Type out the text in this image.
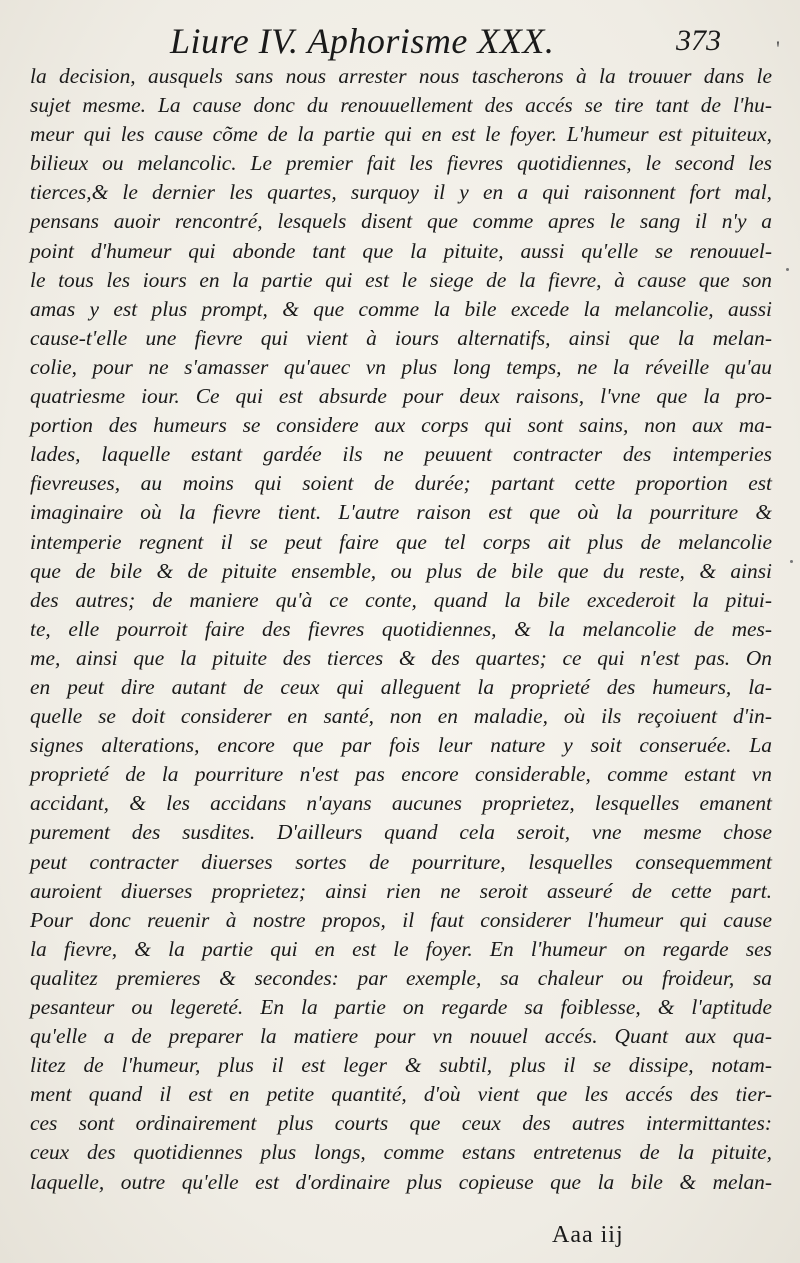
Liure IV. Aphorisme XXX.	373	'
la decision, ausquels sans nous arrester nous tascherons à la trouuer dans le
sujet mesme. La cause donc du renouuellement des accés se tire tant de l'hu-
meur qui les cause cõme de la partie qui en est le foyer. L'humeur est pituiteux,
bilieux ou melancolic. Le premier fait les fievres quotidiennes, le second les
tierces,& le dernier les quartes, surquoy il y en a qui raisonnent fort mal,
pensans auoir rencontré, lesquels disent que comme apres le sang il n'y a
point d'humeur qui abonde tant que la pituite, aussi qu'elle se renouuel-
le tous les iours en la partie qui est le siege de la fievre, à cause que son
amas y est plus prompt, & que comme la bile excede la melancolie, aussi
cause-t'elle une fievre qui vient à iours alternatifs, ainsi que la melan-
colie, pour ne s'amasser qu'auec vn plus long temps, ne la réveille qu'au
quatriesme iour. Ce qui est absurde pour deux raisons, l'vne que la pro-
portion des humeurs se considere aux corps qui sont sains, non aux ma-
lades, laquelle estant gardée ils ne peuuent contracter des intemperies
fievreuses, au moins qui soient de durée; partant cette proportion est
imaginaire où la fievre tient. L'autre raison est que où la pourriture &
intemperie regnent il se peut faire que tel corps ait plus de melancolie
que de bile & de pituite ensemble, ou plus de bile que du reste, & ainsi
des autres; de maniere qu'à ce conte, quand la bile excederoit la pitui-
te, elle pourroit faire des fievres quotidiennes, & la melancolie de mes-
me, ainsi que la pituite des tierces & des quartes; ce qui n'est pas. On
en peut dire autant de ceux qui alleguent la proprieté des humeurs, la-
quelle se doit considerer en santé, non en maladie, où ils reçoiuent d'in-
signes alterations, encore que par fois leur nature y soit conseruée. La
proprieté de la pourriture n'est pas encore considerable, comme estant vn
accidant, & les accidans n'ayans aucunes proprietez, lesquelles emanent
purement des susdites. D'ailleurs quand cela seroit, vne mesme chose
peut contracter diuerses sortes de pourriture, lesquelles consequemment
auroient diuerses proprietez; ainsi rien ne seroit asseuré de cette part.
Pour donc reuenir à nostre propos, il faut considerer l'humeur qui cause
la fievre, & la partie qui en est le foyer. En l'humeur on regarde ses
qualitez premieres & secondes: par exemple, sa chaleur ou froideur, sa
pesanteur ou legereté. En la partie on regarde sa foiblesse, & l'aptitude
qu'elle a de preparer la matiere pour vn nouuel accés. Quant aux qua-
litez de l'humeur, plus il est leger & subtil, plus il se dissipe, notam-
ment quand il est en petite quantité, d'où vient que les accés des tier-
ces sont ordinairement plus courts que ceux des autres intermittantes:
ceux des quotidiennes plus longs, comme estans entretenus de la pituite,
laquelle, outre qu'elle est d'ordinaire plus copieuse que la bile & melan-
Aaa iij
